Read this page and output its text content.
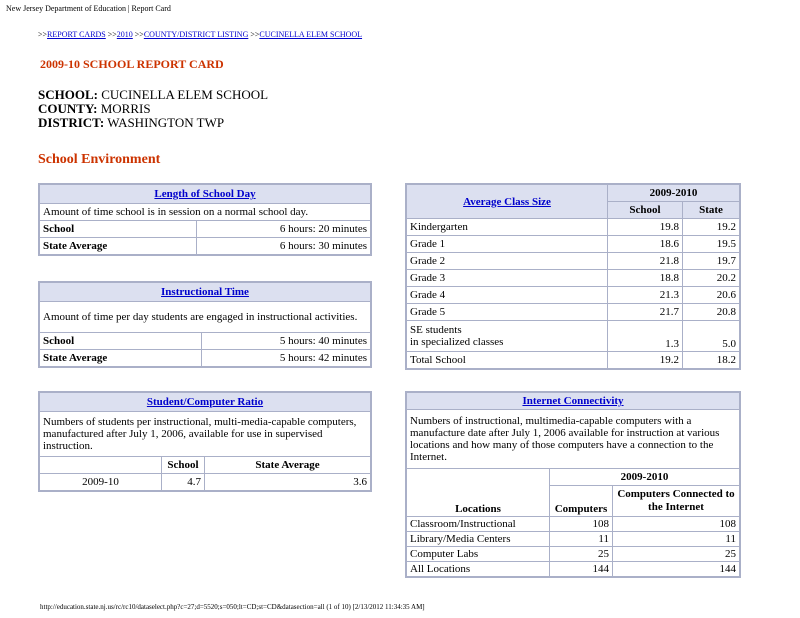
New Jersey Department of Education | Report Card
>>REPORT CARDS >>2010 >>COUNTY/DISTRICT LISTING >>CUCINELLA ELEM SCHOOL
2009-10 SCHOOL REPORT CARD
SCHOOL: CUCINELLA ELEM SCHOOL
COUNTY: MORRIS
DISTRICT: WASHINGTON TWP
School Environment
Length of School Day	
Amount of time school is in session on a normal school day.	
School	6 hours: 20 minutes
State Average	6 hours: 30 minutes
Instructional Time	
Amount of time per day students are engaged in instructional activities.	
School	5 hours: 40 minutes
State Average	5 hours: 42 minutes
Student/Computer Ratio		
Numbers of students per instructional, multi-media-capable computers, manufactured after July 1, 2006, available for use in supervised instruction.		
	School	State Average
2009-10	4.7	3.6
Average Class Size	2009-2010	
	School	State
Kindergarten	19.8	19.2
Grade 1	18.6	19.5
Grade 2	21.8	19.7
Grade 3	18.8	20.2
Grade 4	21.3	20.6
Grade 5	21.7	20.8
SE students
in specialized classes	1.3	5.0
Total School	19.2	18.2
Internet Connectivity		
Numbers of instructional, multimedia-capable computers with a manufacture date after July 1, 2006 available for instruction at various locations and how many of those computers have a connection to the Internet.		
Locations	2009-2010	
	Computers	Computers Connected to the Internet
Classroom/Instructional	108	108
Library/Media Centers	11	11
Computer Labs	25	25
All Locations	144	144
http://education.state.nj.us/rc/rc10/dataselect.php?c=27;d=5520;s=050;lt=CD;st=CD&datasection=all (1 of 10) [2/13/2012 11:34:35 AM]
